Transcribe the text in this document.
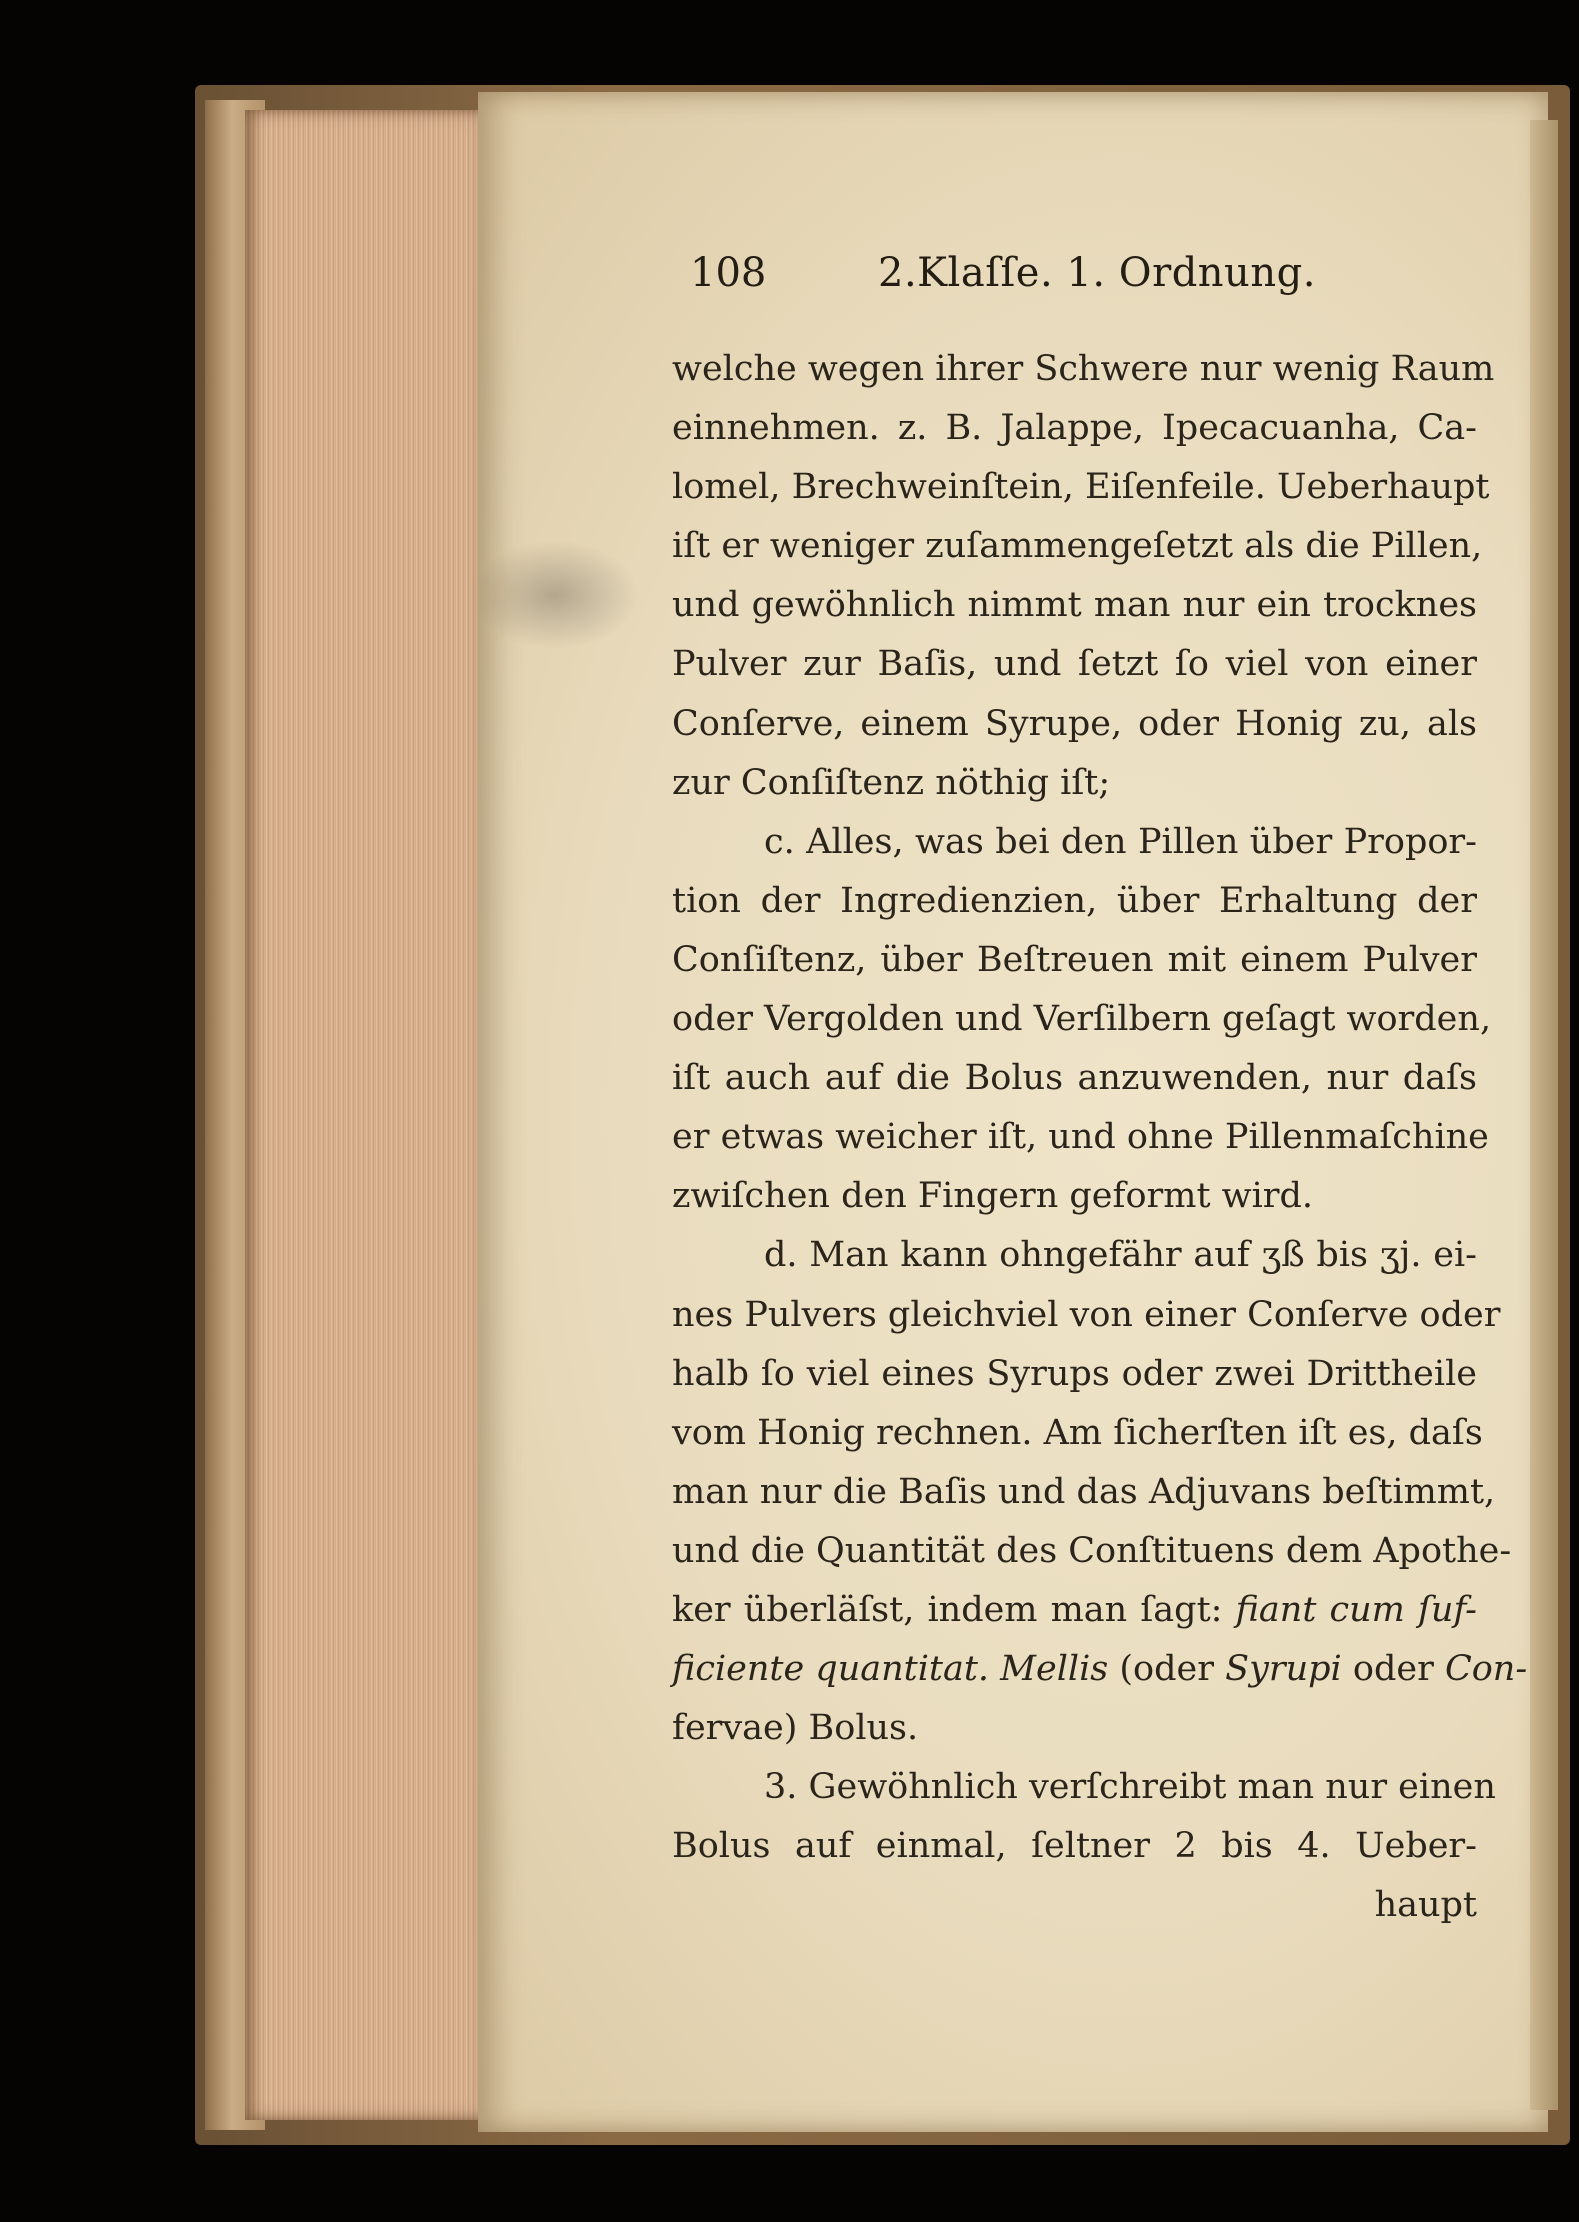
108	2.Klaſſe. 1. Ordnung.
welche wegen ihrer Schwere nur wenig Raum
einnehmen. z. B. Jalappe, Ipecacuanha, Ca-
lomel, Brechweinſtein, Eiſenfeile. Ueberhaupt
iſt er weniger zuſammengeſetzt als die Pillen,
und gewöhnlich nimmt man nur ein trocknes
Pulver zur Baſis, und ſetzt ſo viel von einer
Conſerve, einem Syrupe, oder Honig zu, als
zur Conſiſtenz nöthig iſt;
c. Alles, was bei den Pillen über Propor-
tion der Ingredienzien, über Erhaltung der
Conſiſtenz, über Beſtreuen mit einem Pulver
oder Vergolden und Verſilbern geſagt worden,
iſt auch auf die Bolus anzuwenden, nur daſs
er etwas weicher iſt, und ohne Pillenmaſchine
zwiſchen den Fingern geformt wird.
d. Man kann ohngefähr auf ʒß bis ʒj. ei-
nes Pulvers gleichviel von einer Conſerve oder
halb ſo viel eines Syrups oder zwei Drittheile
vom Honig rechnen. Am ſicherſten iſt es, daſs
man nur die Baſis und das Adjuvans beſtimmt,
und die Quantität des Conſtituens dem Apothe-
ker überläſst, indem man ſagt: fiant cum ſuf-
ficiente quantitat. Mellis (oder Syrupi oder Con-
fervae) Bolus.
3. Gewöhnlich verſchreibt man nur einen
Bolus auf einmal, ſeltner 2 bis 4. Ueber-
haupt
